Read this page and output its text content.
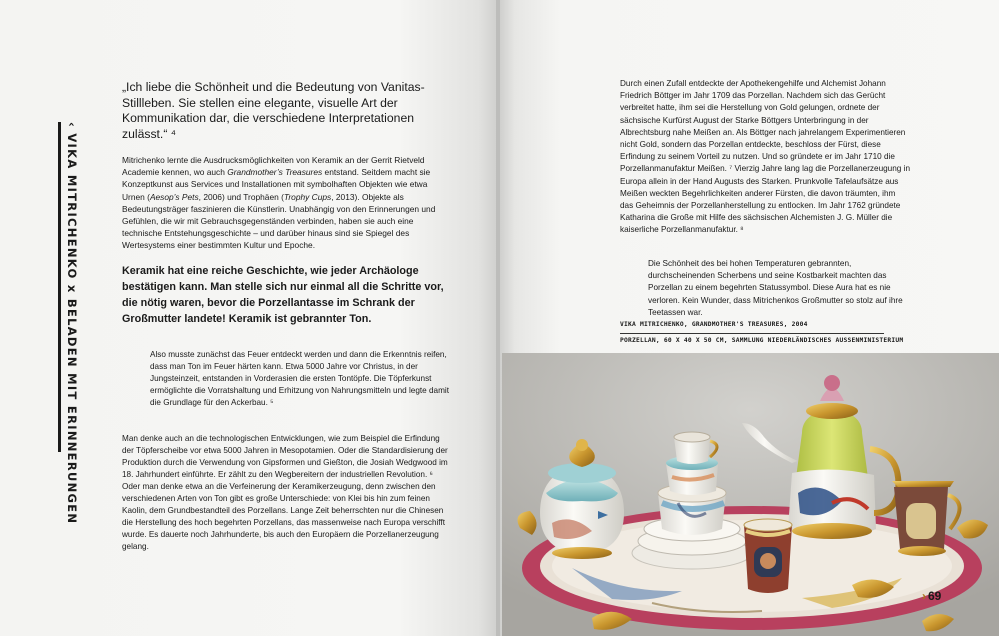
‹ VIKA MITRICHENKO x BELADEN MIT ERINNERUNGEN
„Ich liebe die Schönheit und die Bedeutung von Vanitas-Stillleben. Sie stellen eine elegante, visuelle Art der Kommunikation dar, die verschiedene Interpretationen zulässt.“ ⁴
Mitrichenko lernte die Ausdrucksmöglichkeiten von Keramik an der Gerrit Rietveld Academie kennen, wo auch Grandmother’s Treasures entstand. Seitdem macht sie Konzeptkunst aus Services und Installationen mit symbolhaften Objekten wie etwa Urnen (Aesop’s Pets, 2006) und Trophäen (Trophy Cups, 2013). Objekte als Bedeutungsträger faszinieren die Künstlerin. Unabhängig von den Erinnerungen und Gefühlen, die wir mit Gebrauchsgegenständen verbinden, haben sie auch eine technische Entstehungsgeschichte – und darüber hinaus sind sie Spiegel des Wertesystems einer bestimmten Kultur und Epoche.
Keramik hat eine reiche Geschichte, wie jeder Archäologe bestätigen kann. Man stelle sich nur einmal all die Schritte vor, die nötig waren, bevor die Porzellantasse im Schrank der Großmutter landete! Keramik ist gebrannter Ton.
Also musste zunächst das Feuer entdeckt werden und dann die Erkenntnis reifen, dass man Ton im Feuer härten kann. Etwa 5000 Jahre vor Christus, in der Jungsteinzeit, entstanden in Vorderasien die ersten Tontöpfe. Die Töpferkunst ermöglichte die Vorratshaltung und Erhitzung von Nahrungsmitteln und legte damit die Grundlage für den Ackerbau. ⁵
Man denke auch an die technologischen Entwicklungen, wie zum Beispiel die Erfindung der Töpferscheibe vor etwa 5000 Jahren in Mesopotamien. Oder die Standardisierung der Produktion durch die Verwendung von Gipsformen und Gießton, die Josiah Wedgwood im 18. Jahrhundert einführte. Er zählt zu den Wegbereitern der industriellen Revolution. ⁶ Oder man denke etwa an die Verfeinerung der Keramikerzeugung, denn zwischen den verschiedenen Arten von Ton gibt es große Unterschiede: von Klei bis hin zum feinen Kaolin, dem Grundbestandteil des Porzellans. Lange Zeit beherrschten nur die Chinesen die Herstellung des hoch begehrten Porzellans, das massenweise nach Europa verschifft wurde. Es dauerte noch Jahrhunderte, bis auch den Europäern die Porzellanerzeugung gelang.
Durch einen Zufall entdeckte der Apothekengehilfe und Alchemist Johann Friedrich Böttger im Jahr 1709 das Porzellan. Nachdem sich das Gerücht verbreitet hatte, ihm sei die Herstellung von Gold gelungen, ordnete der sächsische Kurfürst August der Starke Böttgers Unterbringung in der Albrechtsburg nahe Meißen an. Als Böttger nach jahrelangem Experimentieren nicht Gold, sondern das Porzellan entdeckte, beschloss der Fürst, diese Erfindung zu seinem Vorteil zu nutzen. Und so gründete er im Jahr 1710 die Porzellanmanufaktur Meißen. ⁷ Vierzig Jahre lang lag die Porzellanerzeugung in Europa allein in der Hand Augusts des Starken. Prunkvolle Tafelaufsätze aus Meißen weckten Begehrlichkeiten anderer Fürsten, die davon träumten, ihm das Geheimnis der Porzellanherstellung zu entlocken. Im Jahr 1762 gründete Katharina die Große mit Hilfe des sächsischen Alchemisten J. G. Müller die kaiserliche Porzellanmanufaktur. ⁸
Die Schönheit des bei hohen Temperaturen gebrannten, durchscheinenden Scherbens und seine Kostbarkeit machten das Porzellan zu einem begehrten Statussymbol. Diese Aura hat es nie verloren. Kein Wunder, dass Mitrichenkos Großmutter so stolz auf ihre Teetassen war.
VIKA MITRICHENKO, GRANDMOTHER'S TREASURES, 2004
PORZELLAN, 60 X 40 X 50 CM, SAMMLUNG NIEDERLÄNDISCHES AUSSENMINISTERIUM
› 69
